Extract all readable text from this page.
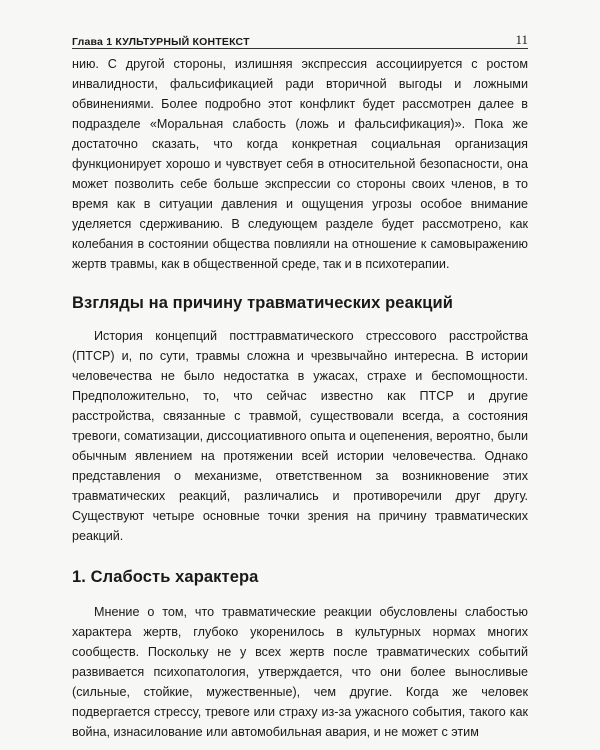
Глава 1 КУЛЬТУРНЫЙ КОНТЕКСТ	11

нию. С другой стороны, излишняя экспрессия ассоциируется с ростом инвалидности, фальсификацией ради вторичной выгоды и ложными обвинениями. Более подробно этот конфликт будет рассмотрен далее в подразделе «Моральная слабость (ложь и фальсификация)». Пока же достаточно сказать, что когда конкретная социальная организация функционирует хорошо и чувствует себя в относительной безопасности, она может позволить себе больше экспрессии со стороны своих членов, в то время как в ситуации давления и ощущения угрозы особое внимание уделяется сдерживанию. В следующем разделе будет рассмотрено, как колебания в состоянии общества повлияли на отношение к самовыражению жертв травмы, как в общественной среде, так и в психотерапии.

Взгляды на причину травматических реакций

История концепций посттравматического стрессового расстройства (ПТСР) и, по сути, травмы сложна и чрезвычайно интересна. В истории человечества не было недостатка в ужасах, страхе и беспомощности. Предположительно, то, что сейчас известно как ПТСР и другие расстройства, связанные с травмой, существовали всегда, а состояния тревоги, соматизации, диссоциативного опыта и оцепенения, вероятно, были обычным явлением на протяжении всей истории человечества. Однако представления о механизме, ответственном за возникновение этих травматических реакций, различались и противоречили друг другу. Существуют четыре основные точки зрения на причину травматических реакций.

1. Слабость характера

Мнение о том, что травматические реакции обусловлены слабостью характера жертв, глубоко укоренилось в культурных нормах многих сообществ. Поскольку не у всех жертв после травматических событий развивается психопатология, утверждается, что они более выносливые (сильные, стойкие, мужественные), чем другие. Когда же человек подвергается стрессу, тревоге или страху из-за ужасного события, такого как война, изнасилование или автомобильная авария, и не может с этим
